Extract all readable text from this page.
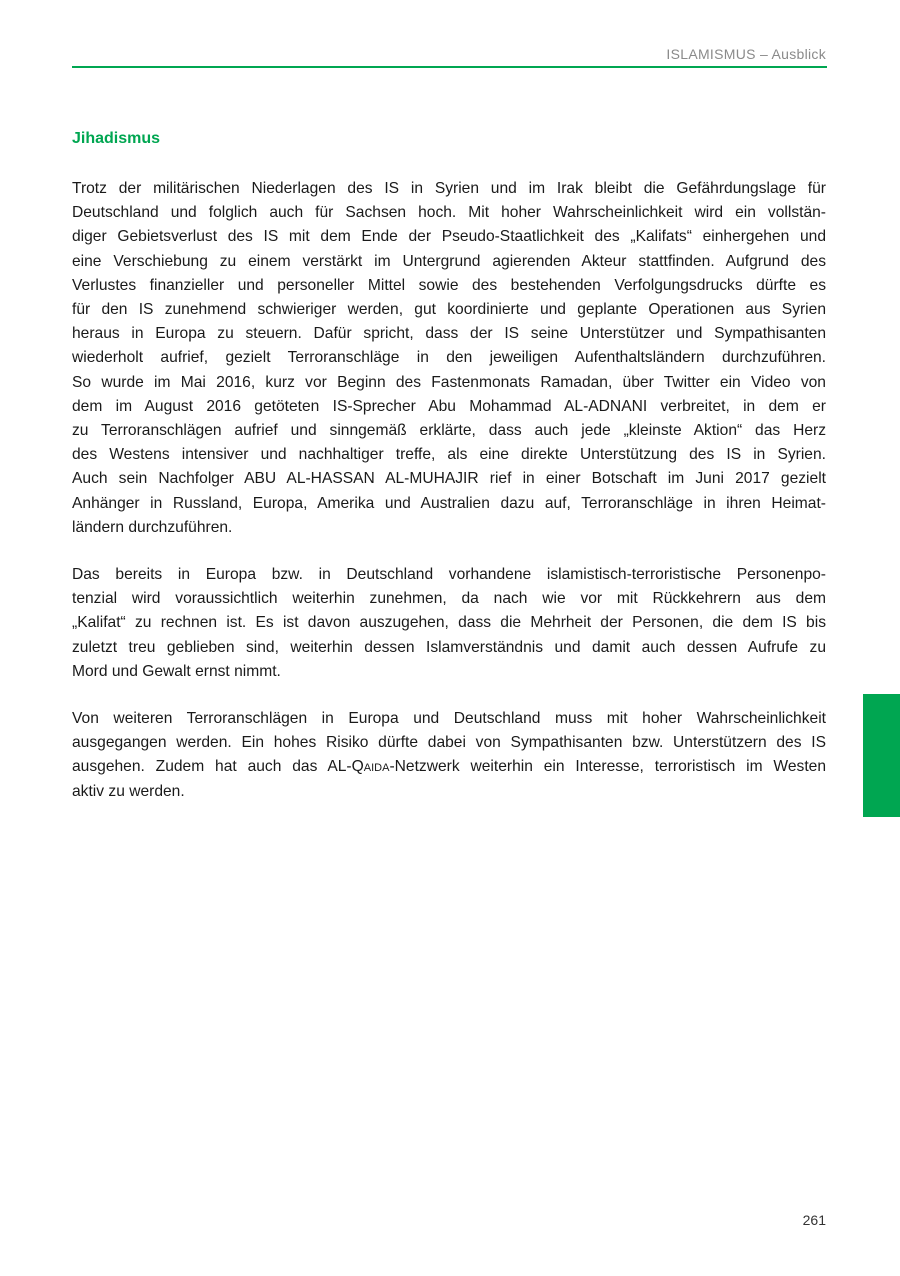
ISLAMISMUS – Ausblick
Jihadismus

Trotz der militärischen Niederlagen des IS in Syrien und im Irak bleibt die Gefährdungslage für
Deutschland und folglich auch für Sachsen hoch. Mit hoher Wahrscheinlichkeit wird ein vollstän-
diger Gebietsverlust des IS mit dem Ende der Pseudo-Staatlichkeit des „Kalifats“ einhergehen und
eine Verschiebung zu einem verstärkt im Untergrund agierenden Akteur stattfinden. Aufgrund des
Verlustes finanzieller und personeller Mittel sowie des bestehenden Verfolgungsdrucks dürfte es
für den IS zunehmend schwieriger werden, gut koordinierte und geplante Operationen aus Syrien
heraus in Europa zu steuern. Dafür spricht, dass der IS seine Unterstützer und Sympathisanten
wiederholt aufrief, gezielt Terroranschläge in den jeweiligen Aufenthaltsländern durchzuführen.
So wurde im Mai 2016, kurz vor Beginn des Fastenmonats Ramadan, über Twitter ein Video von
dem im August 2016 getöteten IS-Sprecher Abu Mohammad AL-ADNANI verbreitet, in dem er
zu Terroranschlägen aufrief und sinngemäß erklärte, dass auch jede „kleinste Aktion“ das Herz
des Westens intensiver und nachhaltiger treffe, als eine direkte Unterstützung des IS in Syrien.
Auch sein Nachfolger ABU AL-HASSAN AL-MUHAJIR rief in einer Botschaft im Juni 2017 gezielt
Anhänger in Russland, Europa, Amerika und Australien dazu auf, Terroranschläge in ihren Heimat-
ländern durchzuführen.

Das bereits in Europa bzw. in Deutschland vorhandene islamistisch-terroristische Personenpo-
tenzial wird voraussichtlich weiterhin zunehmen, da nach wie vor mit Rückkehrern aus dem
„Kalifat“ zu rechnen ist. Es ist davon auszugehen, dass die Mehrheit der Personen, die dem IS bis
zuletzt treu geblieben sind, weiterhin dessen Islamverständnis und damit auch dessen Aufrufe zu
Mord und Gewalt ernst nimmt.

Von weiteren Terroranschlägen in Europa und Deutschland muss mit hoher Wahrscheinlichkeit
ausgegangen werden. Ein hohes Risiko dürfte dabei von Sympathisanten bzw. Unterstützern des IS
ausgehen. Zudem hat auch das AL-Qaida-Netzwerk weiterhin ein Interesse, terroristisch im Westen
aktiv zu werden.

261
